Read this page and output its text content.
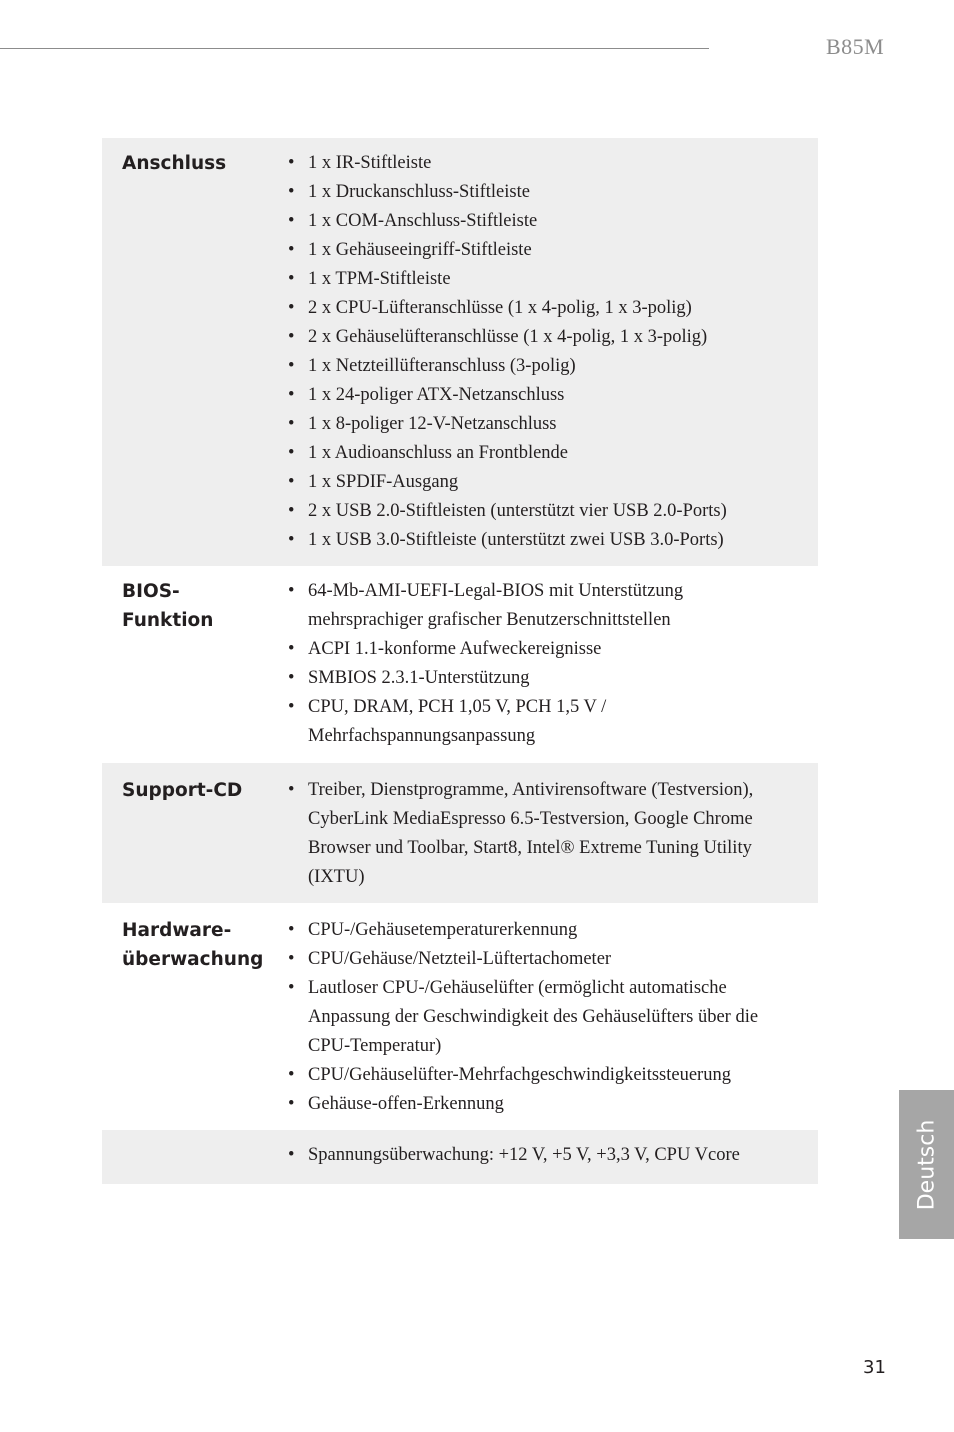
B85M
Anschluss	• 1 x IR-Stiftleiste
• 1 x Druckanschluss-Stiftleiste
• 1 x COM-Anschluss-Stiftleiste
• 1 x Gehäuseeingriff-Stiftleiste
• 1 x TPM-Stiftleiste
• 2 x CPU-Lüfteranschlüsse (1 x 4-polig, 1 x 3-polig)
• 2 x Gehäuselüfteranschlüsse (1 x 4-polig, 1 x 3-polig)
• 1 x Netzteillüfteranschluss (3-polig)
• 1 x 24-poliger ATX-Netzanschluss
• 1 x 8-poliger 12-V-Netzanschluss
• 1 x Audioanschluss an Frontblende
• 1 x SPDIF-Ausgang
• 2 x USB 2.0-Stiftleisten (unterstützt vier USB 2.0-Ports)
• 1 x USB 3.0-Stiftleiste (unterstützt zwei USB 3.0-Ports)
BIOS-
Funktion
• 64-Mb-AMI-UEFI-Legal-BIOS mit Unterstützung
mehrsprachiger grafischer Benutzerschnittstellen
• ACPI 1.1-konforme Aufweckereignisse
• SMBIOS 2.3.1-Unterstützung
• CPU, DRAM, PCH 1,05 V, PCH 1,5 V /
Mehrfachspannungsanpassung
Support-CD	• Treiber, Dienstprogramme, Antivirensoftware (Testversion),
CyberLink MediaEspresso 6.5-Testversion, Google Chrome
Browser und Toolbar, Start8, Intel® Extreme Tuning Utility
(IXTU)
Hardware-
überwachung
• CPU-/Gehäusetemperaturerkennung
• CPU/Gehäuse/Netzteil-Lüftertachometer
• Lautloser CPU-/Gehäuselüfter (ermöglicht automatische
Anpassung der Geschwindigkeit des Gehäuselüfters über die
CPU-Temperatur)
• CPU/Gehäuselüfter-Mehrfachgeschwindigkeitssteuerung
• Gehäuse-offen-Erkennung
• Spannungsüberwachung: +12 V, +5 V, +3,3 V, CPU Vcore	Deutsch
31
